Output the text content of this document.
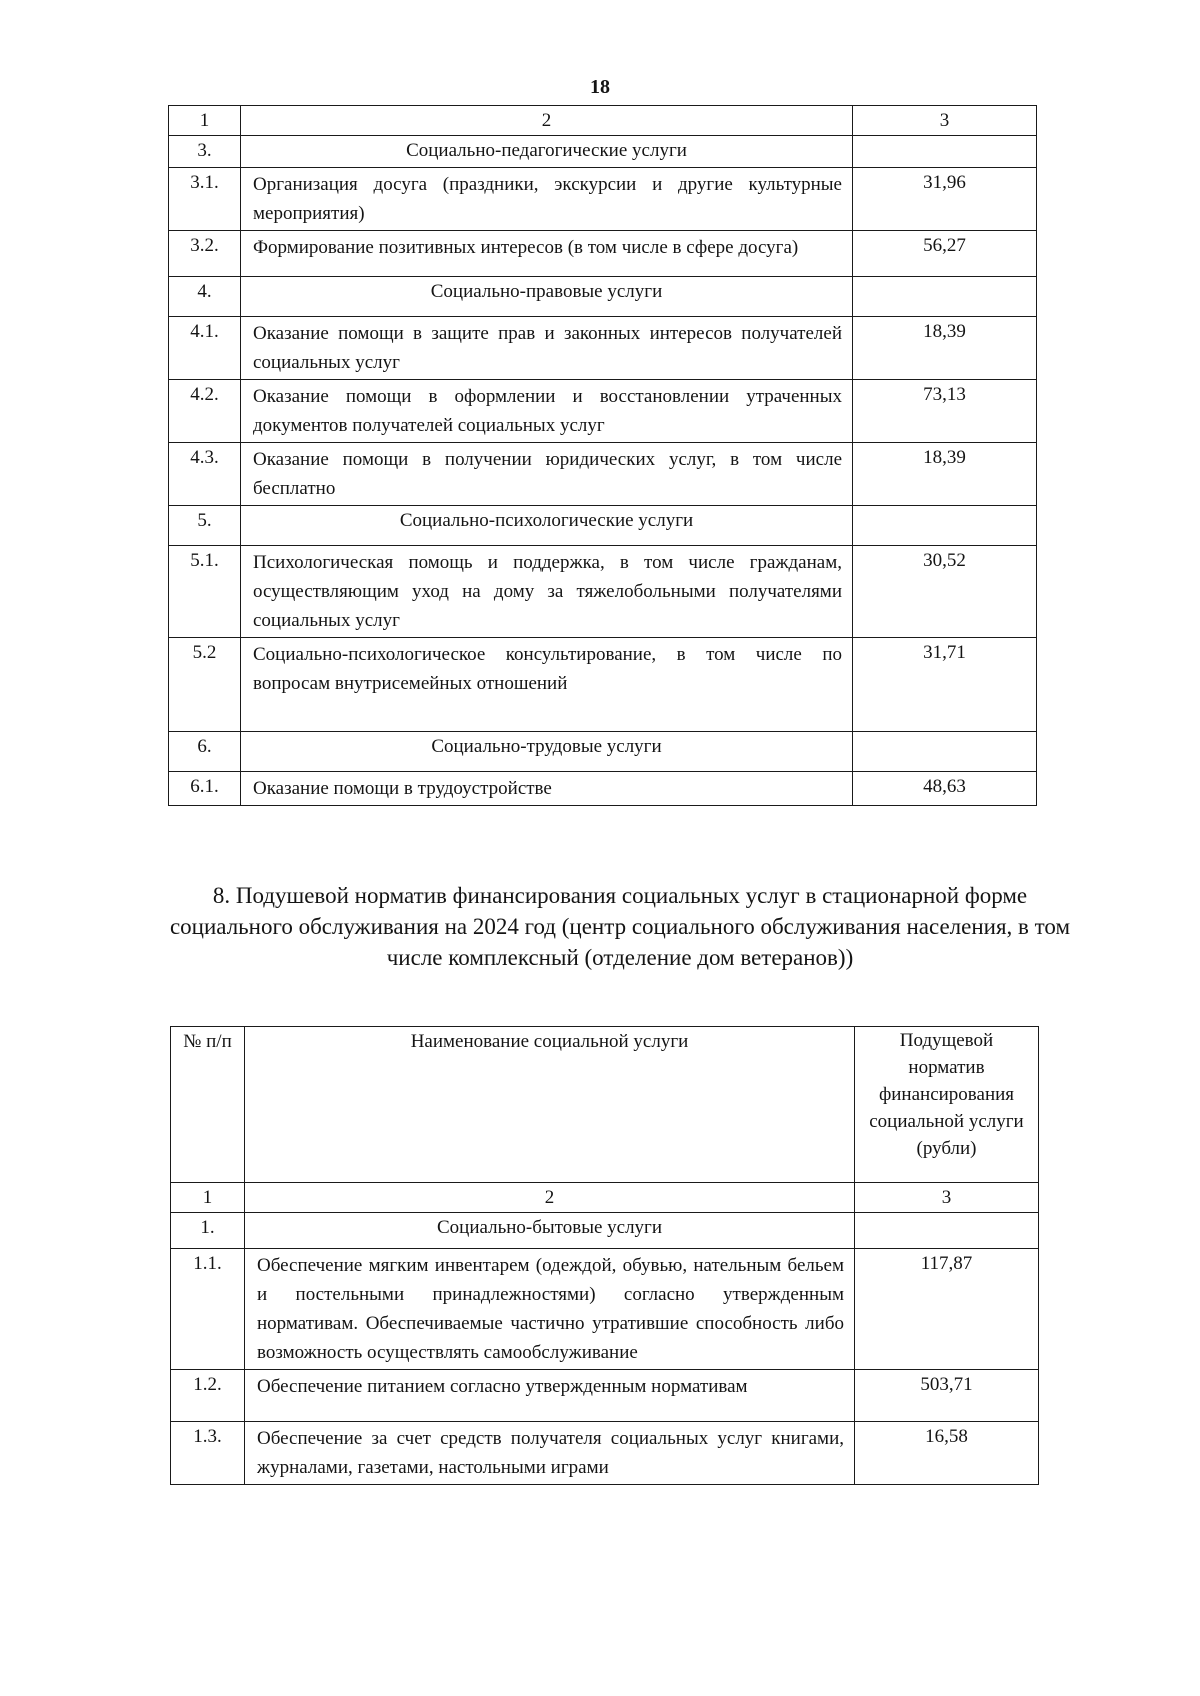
18
1	2	3
3.	Социально-педагогические услуги	
3.1.	Организация досуга (праздники, экскурсии и другие культурные мероприятия)	31,96
3.2.	Формирование позитивных интересов (в том числе в сфере досуга)	56,27
4.	Социально-правовые услуги	
4.1.	Оказание помощи в защите прав и законных интересов получателей социальных услуг	18,39
4.2.	Оказание помощи в оформлении и восстановлении утраченных документов получателей социальных услуг	73,13
4.3.	Оказание помощи в получении юридических услуг, в том числе бесплатно	18,39
5.	Социально-психологические услуги	
5.1.	Психологическая помощь и поддержка, в том числе гражданам, осуществляющим уход на дому за тяжелобольными получателями социальных услуг	30,52
5.2	Социально-психологическое консультирование, в том числе по вопросам внутрисемейных отношений	31,71
6.	Социально-трудовые услуги	
6.1.	Оказание помощи в трудоустройстве	48,63
8. Подушевой норматив финансирования социальных услуг в стационарной форме социального обслуживания на 2024 год (центр социального обслуживания населения, в том числе комплексный (отделение дом ветеранов))
№ п/п	Наименование социальной услуги	Подущевой норматив финансирования социальной услуги (рубли)
1	2	3
1.	Социально-бытовые услуги	
1.1.	Обеспечение мягким инвентарем (одеждой, обувью, нательным бельем и постельными принадлежностями) согласно утвержденным нормативам. Обеспечиваемые частично утратившие способность либо возможность осуществлять самообслуживание	117,87
1.2.	Обеспечение питанием согласно утвержденным нормативам	503,71
1.3.	Обеспечение за счет средств получателя социальных услуг книгами, журналами, газетами, настольными играми	16,58
